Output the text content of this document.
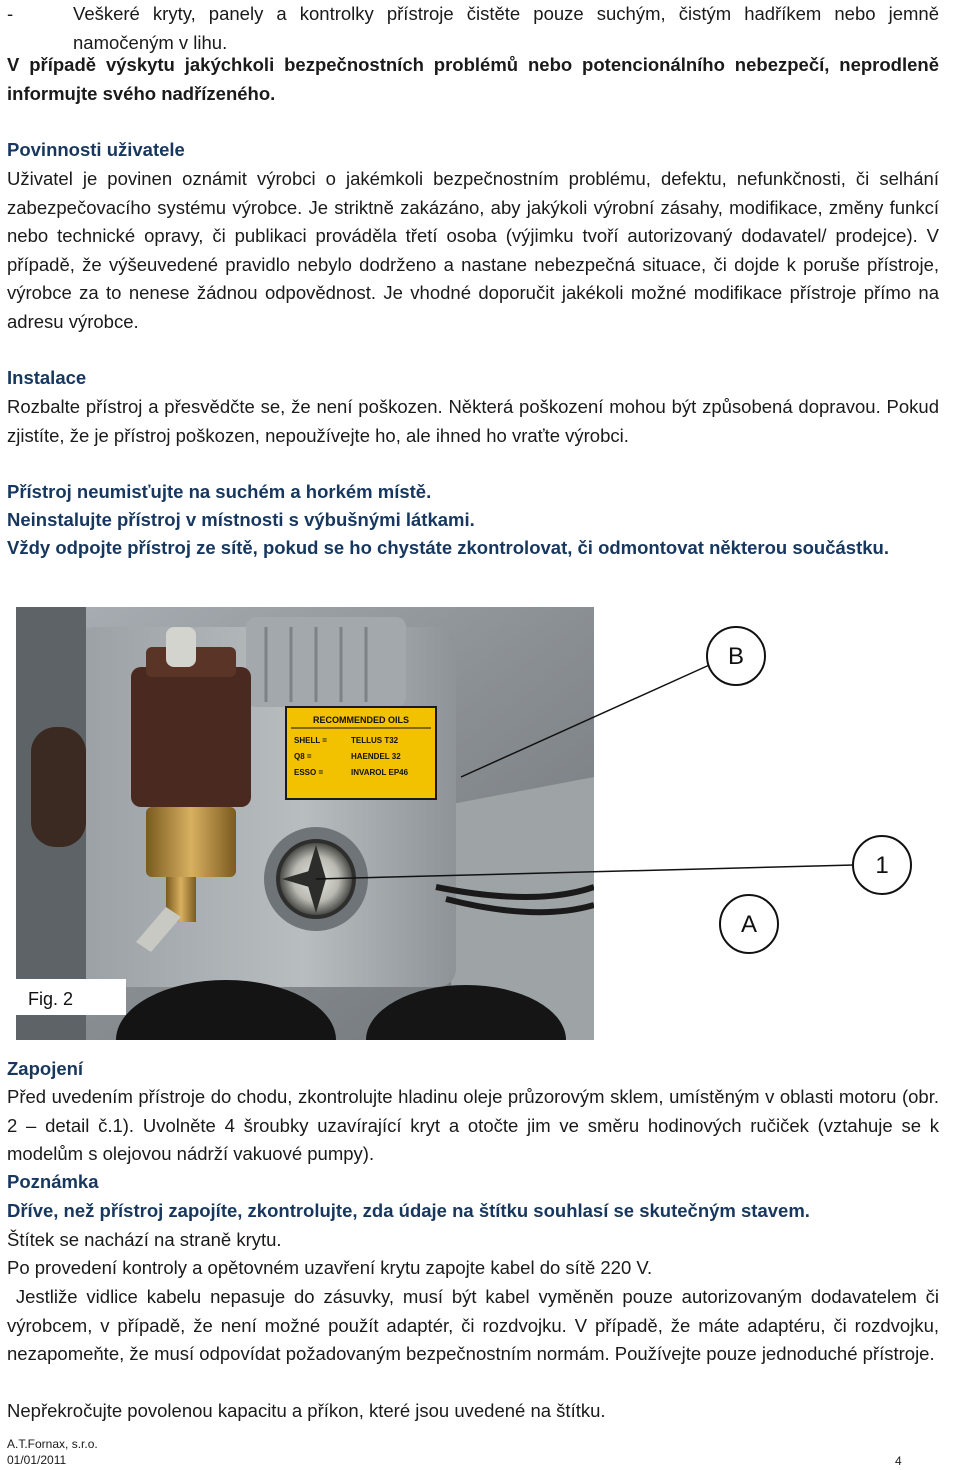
-	Veškeré kryty, panely a kontrolky přístroje čistěte pouze suchým, čistým hadříkem nebo jemně namočeným v lihu.

V případě výskytu jakýchkoli bezpečnostních problémů nebo potencionálního nebezpečí, neprodleně informujte svého nadřízeného.

Povinnosti uživatele

Uživatel je povinen oznámit výrobci o jakémkoli bezpečnostním problému, defektu, nefunkčnosti, či selhání zabezpečovacího systému výrobce. Je striktně zakázáno, aby jakýkoli výrobní zásahy, modifikace, změny funkcí nebo technické opravy, či publikaci prováděla třetí osoba (výjimku tvoří autorizovaný dodavatel/ prodejce). V případě, že výšeuvedené pravidlo nebylo dodrženo a nastane nebezpečná situace, či dojde k poruše přístroje, výrobce za to nenese žádnou odpovědnost. Je vhodné doporučit jakékoli možné modifikace přístroje přímo na adresu výrobce.

Instalace

Rozbalte přístroj a přesvědčte se, že není poškozen. Některá poškození mohou být způsobená dopravou. Pokud zjistíte, že je přístroj poškozen, nepoužívejte ho, ale ihned ho vraťte výrobci.

Přístroj neumisťujte na suchém a horkém místě.

Neinstalujte přístroj v místnosti s výbušnými látkami.

Vždy odpojte přístroj ze sítě, pokud se ho chystáte zkontrolovat, či odmontovat některou součástku.

RECOMMENDED OILS
SHELL =	TELLUS T32
Q8 =	HAENDEL 32
ESSO =	INVAROL EP46
Fig. 2
B
1
A

Zapojení

Před uvedením přístroje do chodu, zkontrolujte hladinu oleje průzorovým sklem, umístěným v oblasti motoru (obr. 2 – detail č.1). Uvolněte 4 šroubky uzavírající kryt a otočte jim ve směru hodinových ručiček (vztahuje se k modelům s olejovou nádrží vakuové pumpy).

Poznámka

Dříve, než přístroj zapojíte, zkontrolujte, zda údaje na štítku souhlasí se skutečným stavem.

Štítek se nachází na straně krytu.

Po provedení kontroly a opětovném uzavření krytu zapojte kabel do sítě 220 V.

Jestliže vidlice kabelu nepasuje do zásuvky, musí být kabel vyměněn pouze autorizovaným dodavatelem či výrobcem, v případě, že není možné použít adaptér, či rozdvojku. V případě, že máte adaptéru, či rozdvojku, nezapomeňte, že musí odpovídat požadovaným bezpečnostním normám. Používejte pouze jednoduché přístroje.

Nepřekročujte povolenou kapacitu a příkon, které jsou uvedené na štítku.

A.T.Fornax, s.r.o.
01/01/2011	4
